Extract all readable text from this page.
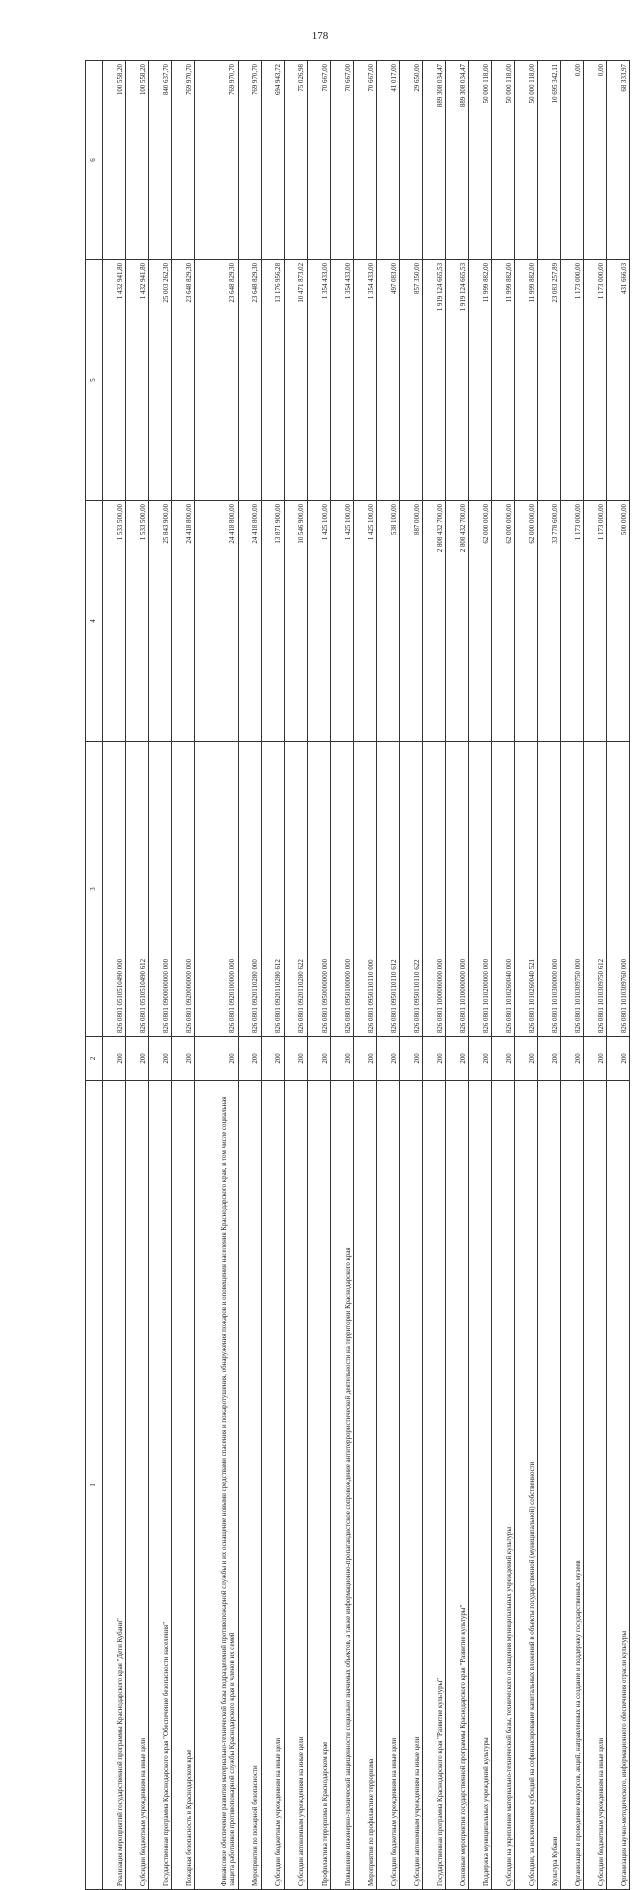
178
1	2	3	4	5	6
Реализация мероприятий государственной программы Краснодарского края "Дети Кубани"	200	826 0801 0510510490 000	1 533 500,00	1 432 941,80	100 558,20
Субсидии бюджетным учреждениям на иные цели	200	826 0801 0510510490 612	1 533 500,00	1 432 941,80	100 558,20
Государственная программа Краснодарского края "Обеспечение безопасности населения"	200	826 0801 0900000000 000	25 843 900,00	25 003 262,30	840 637,70
Пожарная безопасность в Краснодарском крае	200	826 0801 0920000000 000	24 418 800,00	23 648 829,30	769 970,70
Финансовое обеспечение развития материально-технической базы подразделений противопожарной службы и их оснащение новыми средствами спасения и пожаротушения, обнаружения пожаров и оповещения населения Краснодарского края, в том числе социальная защита работников противопожарной службы Краснодарского края и членов их семей	200	826 0801 0920100000 000	24 418 800,00	23 648 829,30	769 970,70
Мероприятия по пожарной безопасности	200	826 0801 0920110280 000	24 418 800,00	23 648 829,30	769 970,70
Субсидии бюджетным учреждениям на иные цели	200	826 0801 0920110280 612	13 871 900,00	13 176 956,28	694 943,72
Субсидии автономным учреждениям на иные цели	200	826 0801 0920110280 622	10 546 900,00	10 471 873,02	75 026,98
Профилактика терроризма в Краснодарском крае	200	826 0801 0950000000 000	1 425 100,00	1 354 433,00	70 667,00
Повышение инженерно-технической защищенности социально значимых объектов, а также информационно-пропагандистское сопровождение антитеррористической деятельности на территории Краснодарского края	200	826 0801 0950100000 000	1 425 100,00	1 354 433,00	70 667,00
Мероприятия по профилактике терроризма	200	826 0801 0950110110 000	1 425 100,00	1 354 433,00	70 667,00
Субсидии бюджетным учреждениям на иные цели	200	826 0801 0950110110 612	538 100,00	497 083,00	41 017,00
Субсидии автономным учреждениям на иные цели	200	826 0801 0950110110 622	887 000,00	857 350,00	29 650,00
Государственная программа Краснодарского края "Развитие культуры"	200	826 0801 1000000000 000	2 808 432 700,00	1 919 124 665,53	889 308 034,47
Основные мероприятия государственной программы Краснодарского края "Развитие культуры"	200	826 0801 1010000000 000	2 808 432 700,00	1 919 124 665,53	889 308 034,47
Поддержка муниципальных учреждений культуры	200	826 0801 1010200000 000	62 000 000,00	11 999 882,00	50 000 118,00
Субсидии на укрепление материально-технической базы, технического оснащения муниципальных учреждений культуры	200	826 0801 1010260040 000	62 000 000,00	11 999 882,00	50 000 118,00
Субсидии, за исключением субсидий на софинансирование капитальных вложений в объекты государственной (муниципальной) собственности	200	826 0801 1010260040 521	62 000 000,00	11 999 882,00	50 000 118,00
Культура Кубани	200	826 0801 1010300000 000	33 778 600,00	23 083 257,89	10 695 342,11
Организация и проведение конкурсов, акций, направленных на создание и поддержку государственных музеев	200	826 0801 1010309750 000	1 173 000,00	1 173 000,00	0,00
Субсидии бюджетным учреждениям на иные цели	200	826 0801 1010309750 612	1 173 000,00	1 173 000,00	0,00
Организация научно-методического, информационного обеспечения отрасли культуры	200	826 0801 1010309760 000	500 000,00	431 666,03	68 333,97
